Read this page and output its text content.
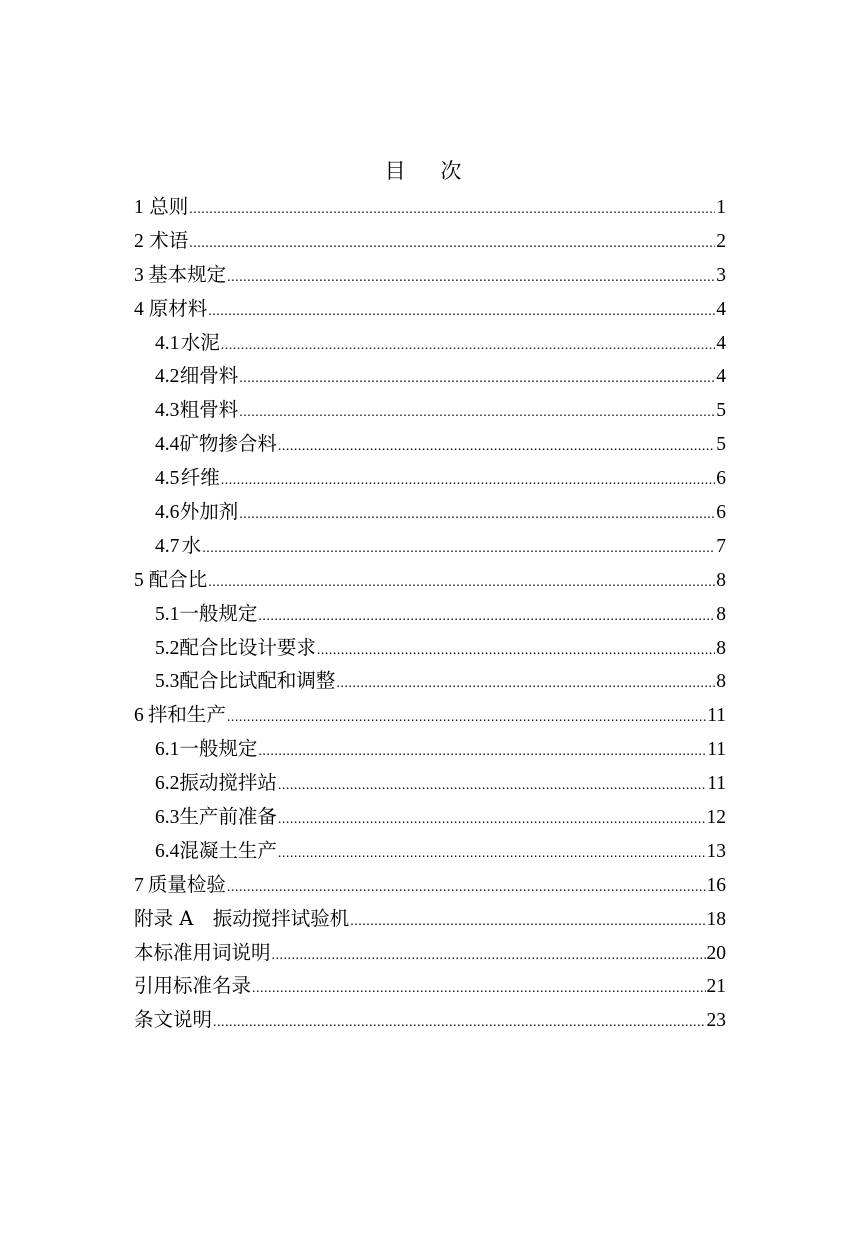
目 次
1 总则 .....	1
2 术语 .....	2
3 基本规定 .....	3
4 原材料 .....	4
4.1 水泥 .....	4
4.2 细骨料 .....	4
4.3 粗骨料 .....	5
4.4 矿物掺合料 .....	5
4.5 纤维 .....	6
4.6 外加剂 .....	6
4.7 水 .....	7
5 配合比 .....	8
5.1 一般规定 .....	8
5.2 配合比设计要求 .....	8
5.3 配合比试配和调整 .....	8
6 拌和生产 .....	11
6.1 一般规定 .....	11
6.2 振动搅拌站 .....	11
6.3 生产前准备 .....	12
6.4 混凝土生产 .....	13
7 质量检验 .....	16
附录 A　振动搅拌试验机 .....	18
本标准用词说明 .....	20
引用标准名录 .....	21
条文说明 .....	23
